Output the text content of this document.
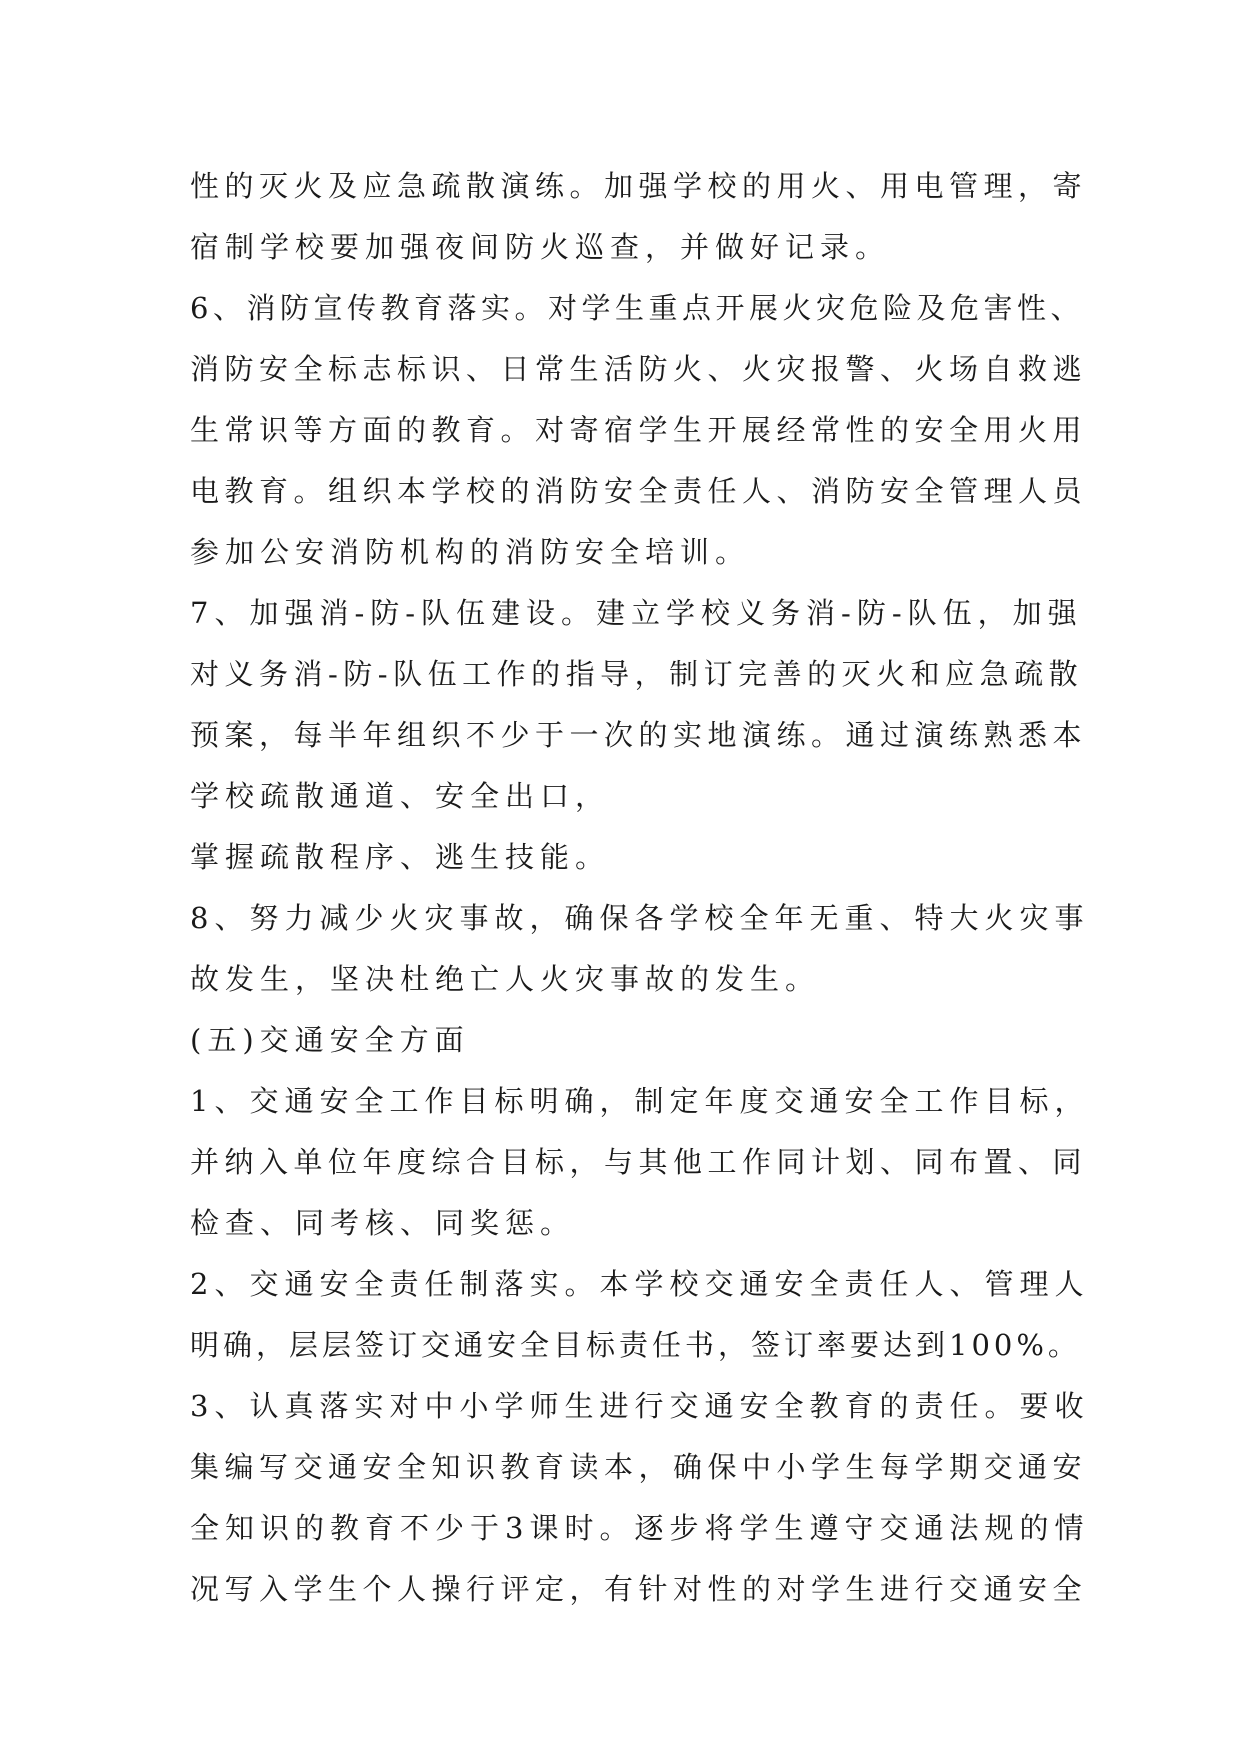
性的灭火及应急疏散演练。加强学校的用火、用电管理，寄
宿制学校要加强夜间防火巡查，并做好记录。
6、消防宣传教育落实。对学生重点开展火灾危险及危害性、
消防安全标志标识、日常生活防火、火灾报警、火场自救逃
生常识等方面的教育。对寄宿学生开展经常性的安全用火用
电教育。组织本学校的消防安全责任人、消防安全管理人员
参加公安消防机构的消防安全培训。
7、加强消-防-队伍建设。建立学校义务消-防-队伍，加强
对义务消-防-队伍工作的指导，制订完善的灭火和应急疏散
预案，每半年组织不少于一次的实地演练。通过演练熟悉本
学校疏散通道、安全出口，
掌握疏散程序、逃生技能。
8、努力减少火灾事故，确保各学校全年无重、特大火灾事
故发生，坚决杜绝亡人火灾事故的发生。
(五)交通安全方面
1、交通安全工作目标明确，制定年度交通安全工作目标，
并纳入单位年度综合目标，与其他工作同计划、同布置、同
检查、同考核、同奖惩。
2、交通安全责任制落实。本学校交通安全责任人、管理人
明确，层层签订交通安全目标责任书，签订率要达到100%。
3、认真落实对中小学师生进行交通安全教育的责任。要收
集编写交通安全知识教育读本，确保中小学生每学期交通安
全知识的教育不少于3课时。逐步将学生遵守交通法规的情
况写入学生个人操行评定，有针对性的对学生进行交通安全
